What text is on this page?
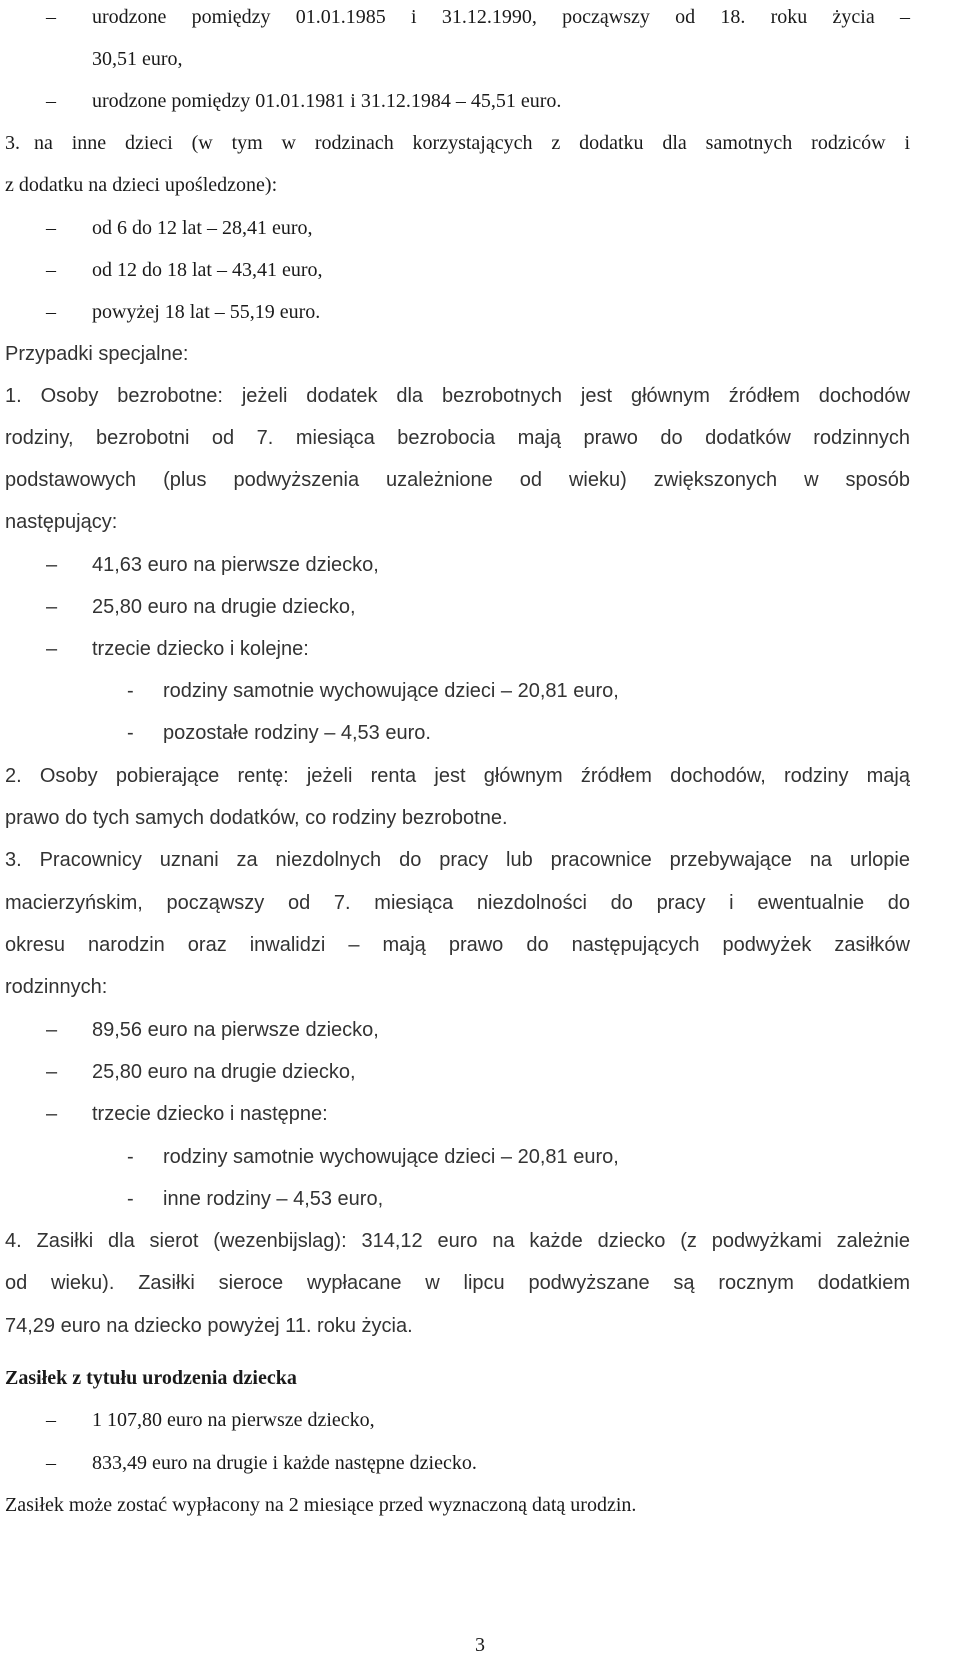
– urodzone pomiędzy 01.01.1985 i 31.12.1990, począwszy od 18. roku życia –
30,51 euro,
– urodzone pomiędzy 01.01.1981 i 31.12.1984 – 45,51 euro.
3. na inne dzieci (w tym w rodzinach korzystających z dodatku dla samotnych rodziców i
z dodatku na dzieci upośledzone):
– od 6 do 12 lat – 28,41 euro,
– od 12 do 18 lat – 43,41 euro,
– powyżej 18 lat – 55,19 euro.
Przypadki specjalne:
1. Osoby bezrobotne: jeżeli dodatek dla bezrobotnych jest głównym źródłem dochodów
rodziny, bezrobotni od 7. miesiąca bezrobocia mają prawo do dodatków rodzinnych
podstawowych (plus podwyższenia uzależnione od wieku) zwiększonych w sposób
następujący:
– 41,63 euro na pierwsze dziecko,
– 25,80 euro na drugie dziecko,
– trzecie dziecko i kolejne:
- rodziny samotnie wychowujące dzieci – 20,81 euro,
- pozostałe rodziny – 4,53 euro.
2. Osoby pobierające rentę: jeżeli renta jest głównym źródłem dochodów, rodziny mają
prawo do tych samych dodatków, co rodziny bezrobotne.
3. Pracownicy uznani za niezdolnych do pracy lub pracownice przebywające na urlopie
macierzyńskim, począwszy od 7. miesiąca niezdolności do pracy i ewentualnie do
okresu narodzin oraz inwalidzi – mają prawo do następujących podwyżek zasiłków
rodzinnych:
– 89,56 euro na pierwsze dziecko,
– 25,80 euro na drugie dziecko,
– trzecie dziecko i następne:
- rodziny samotnie wychowujące dzieci – 20,81 euro,
- inne rodziny – 4,53 euro,
4. Zasiłki dla sierot (wezenbijslag): 314,12 euro na każde dziecko (z podwyżkami zależnie
od wieku). Zasiłki sieroce wypłacane w lipcu podwyższane są rocznym dodatkiem
74,29 euro na dziecko powyżej 11. roku życia.
Zasiłek z tytułu urodzenia dziecka
– 1 107,80 euro na pierwsze dziecko,
– 833,49 euro na drugie i każde następne dziecko.
Zasiłek może zostać wypłacony na 2 miesiące przed wyznaczoną datą urodzin.
3
